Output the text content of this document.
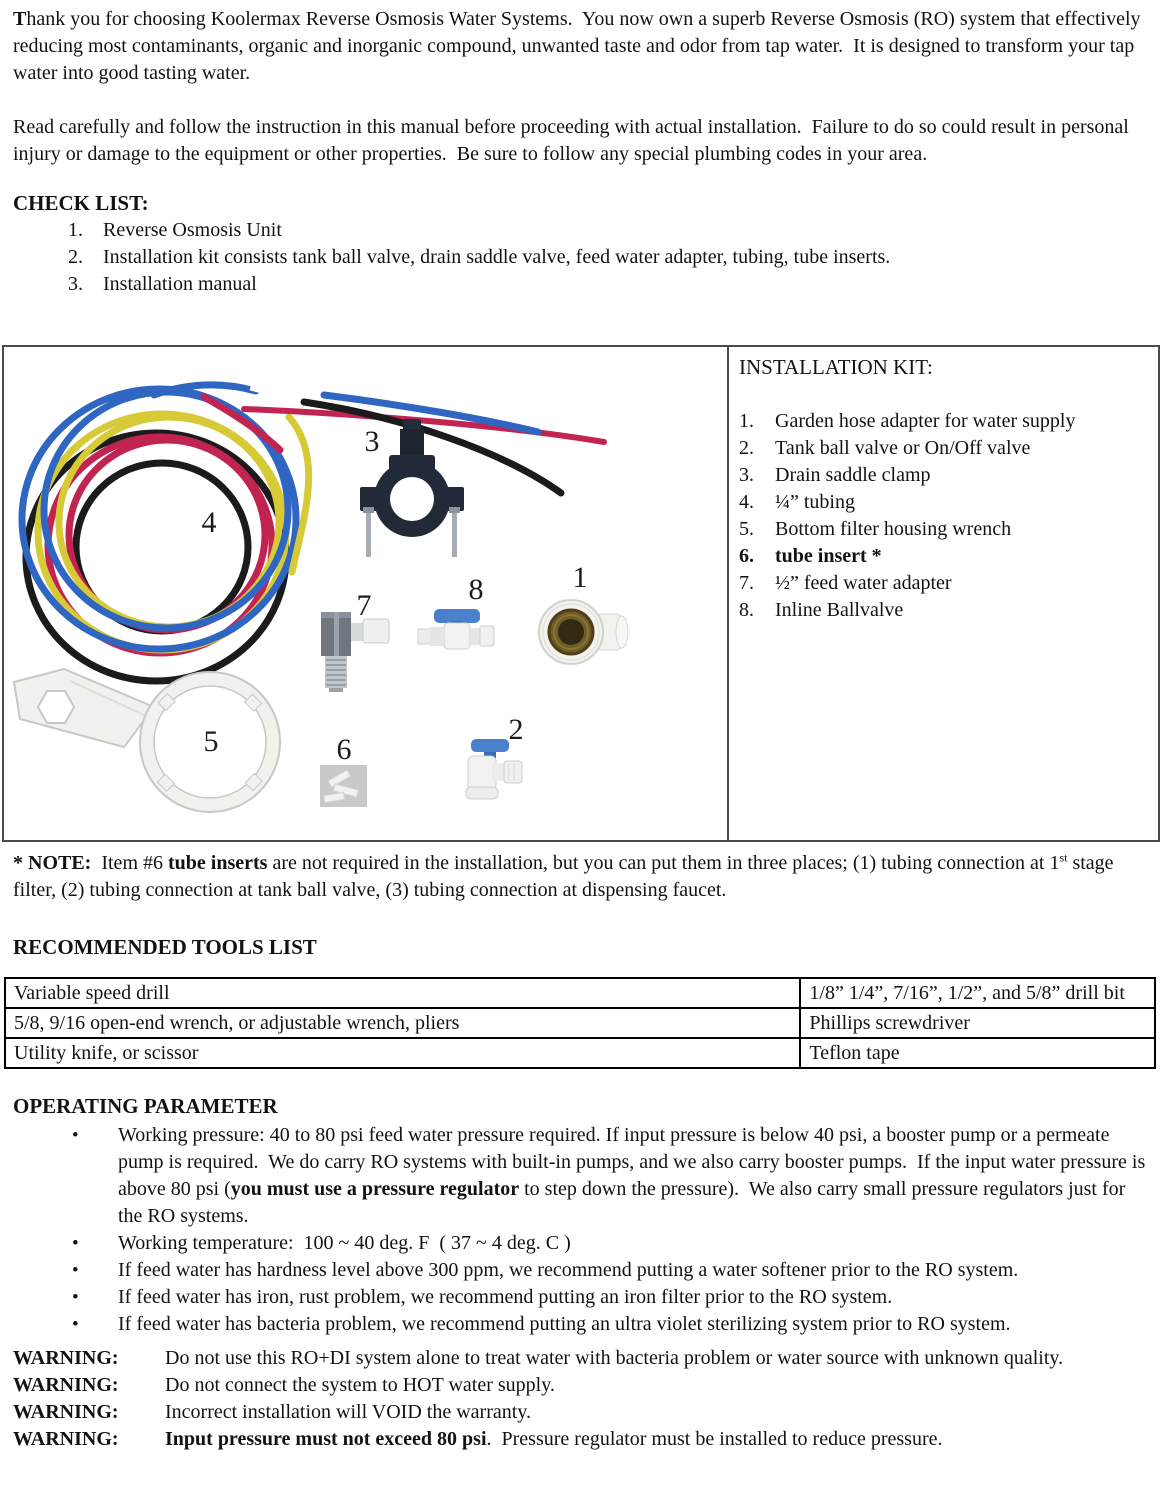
Thank you for choosing Koolermax Reverse Osmosis Water Systems.  You now own a superb Reverse Osmosis (RO) system that effectively reducing most contaminants, organic and inorganic compound, unwanted taste and odor from tap water.  It is designed to transform your tap water into good tasting water.
Read carefully and follow the instruction in this manual before proceeding with actual installation.  Failure to do so could result in personal injury or damage to the equipment or other properties.  Be sure to follow any special plumbing codes in your area.
CHECK LIST:
1.	Reverse Osmosis Unit
2.	Installation kit consists tank ball valve, drain saddle valve, feed water adapter, tubing, tube inserts.
3.	Installation manual
4
3
7	8	1
5	6
2
INSTALLATION KIT:
1.	Garden hose adapter for water supply
2.	Tank ball valve or On/Off valve
3.	Drain saddle clamp
4.	¼” tubing
5.	Bottom filter housing wrench
6.	tube insert *
7.	½” feed water adapter
8.	Inline Ballvalve
* NOTE:  Item #6 tube inserts are not required in the installation, but you can put them in three places; (1) tubing connection at 1st stage filter, (2) tubing connection at tank ball valve, (3) tubing connection at dispensing faucet.
RECOMMENDED TOOLS LIST
Variable speed drill	1/8” 1/4”, 7/16”, 1/2”, and 5/8” drill bit
5/8, 9/16 open-end wrench, or adjustable wrench, pliers	Phillips screwdriver
Utility knife, or scissor	Teflon tape
OPERATING PARAMETER
•	Working pressure: 40 to 80 psi feed water pressure required. If input pressure is below 40 psi, a booster pump or a permeate pump is required.  We do carry RO systems with built-in pumps, and we also carry booster pumps.  If the input water pressure is above 80 psi (you must use a pressure regulator to step down the pressure).  We also carry small pressure regulators just for the RO systems.
•	Working temperature:  100 ~ 40 deg. F  ( 37 ~ 4 deg. C )
•	If feed water has hardness level above 300 ppm, we recommend putting a water softener prior to the RO system.
•	If feed water has iron, rust problem, we recommend putting an iron filter prior to the RO system.
•	If feed water has bacteria problem, we recommend putting an ultra violet sterilizing system prior to RO system.
WARNING:	Do not use this RO+DI system alone to treat water with bacteria problem or water source with unknown quality.
WARNING:	Do not connect the system to HOT water supply.
WARNING:	Incorrect installation will VOID the warranty.
WARNING:	Input pressure must not exceed 80 psi.  Pressure regulator must be installed to reduce pressure.
